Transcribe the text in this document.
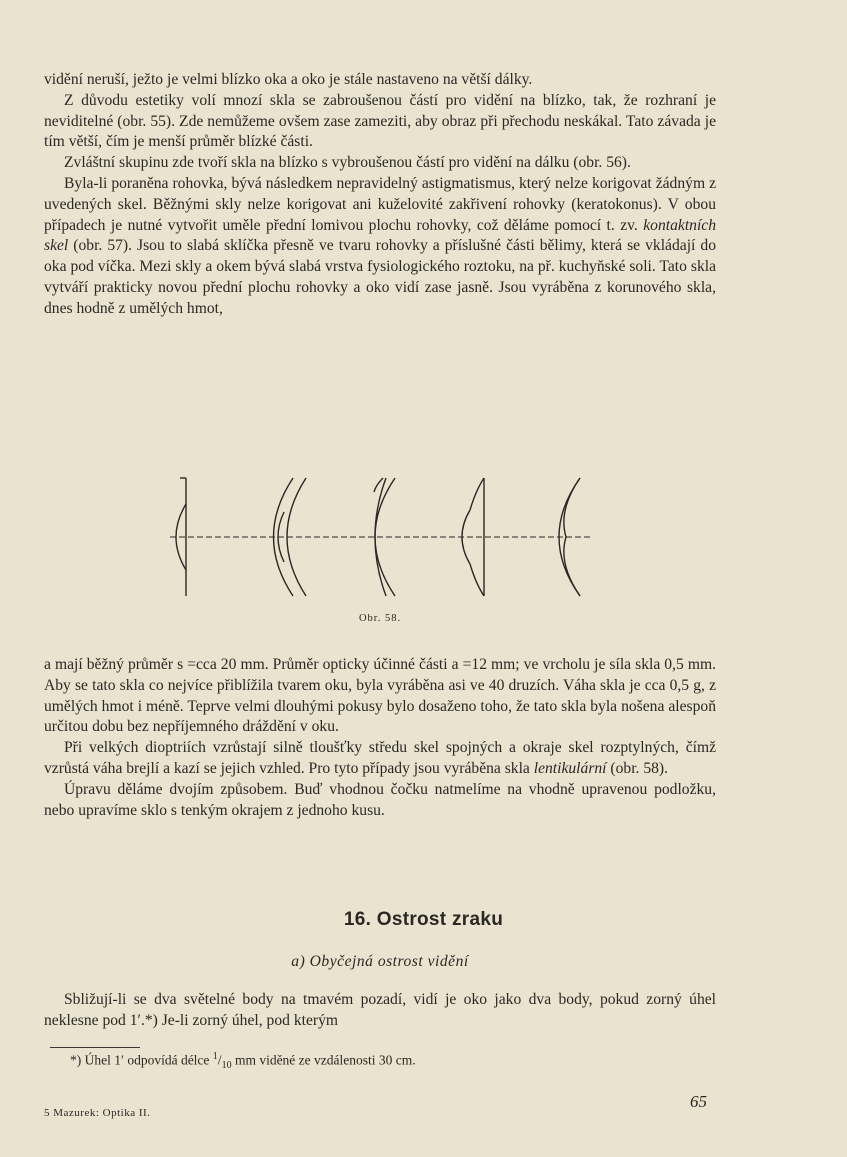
vidění neruší, ježto je velmi blízko oka a oko je stále nastaveno na větší dálky.

Z důvodu estetiky volí mnozí skla se zabroušenou částí pro vidění na blízko, tak, že rozhraní je neviditelné (obr. 55). Zde nemůžeme ovšem zase zameziti, aby obraz při přechodu neskákal. Tato závada je tím větší, čím je menší průměr blízké části.

Zvláštní skupinu zde tvoří skla na blízko s vybroušenou částí pro vidění na dálku (obr. 56).

Byla-li poraněna rohovka, bývá následkem nepravidelný astigmatismus, který nelze korigovat žádným z uvedených skel. Běžnými skly nelze korigovat ani kuželovité zakřivení rohovky (keratokonus). V obou případech je nutné vytvořit uměle přední lomivou plochu rohovky, což děláme pomocí t. zv. kontaktních skel (obr. 57). Jsou to slabá sklíčka přesně ve tvaru rohovky a příslušné části bělimy, která se vkládají do oka pod víčka. Mezi skly a okem bývá slabá vrstva fysiologického roztoku, na př. kuchyňské soli. Tato skla vytváří prakticky novou přední plochu rohovky a oko vidí zase jasně. Jsou vyráběna z korunového skla, dnes hodně z umělých hmot,

Obr. 58.

a mají běžný průměr s =cca 20 mm. Průměr opticky účinné části a =12 mm; ve vrcholu je síla skla 0,5 mm. Aby se tato skla co nejvíce přiblížila tvarem oku, byla vyráběna asi ve 40 druzích. Váha skla je cca 0,5 g, z umělých hmot i méně. Teprve velmi dlouhými pokusy bylo dosaženo toho, že tato skla byla nošena alespoň určitou dobu bez nepříjemného dráždění v oku.

Při velkých dioptriích vzrůstají silně tloušťky středu skel spojných a okraje skel rozptylných, čímž vzrůstá váha brejlí a kazí se jejich vzhled. Pro tyto případy jsou vyráběna skla lentikulární (obr. 58).

Úpravu děláme dvojím způsobem. Buď vhodnou čočku natmelíme na vhodně upravenou podložku, nebo upravíme sklo s tenkým okrajem z jednoho kusu.

16. Ostrost zraku
a) Obyčejná ostrost vidění

Sbližují-li se dva světelné body na tmavém pozadí, vidí je oko jako dva body, pokud zorný úhel neklesne pod 1′.*) Je-li zorný úhel, pod kterým

*) Úhel 1′ odpovídá délce $^1/_{10}$ mm viděné ze vzdálenosti 30 cm.
5 Mazurek: Optika II.
65
